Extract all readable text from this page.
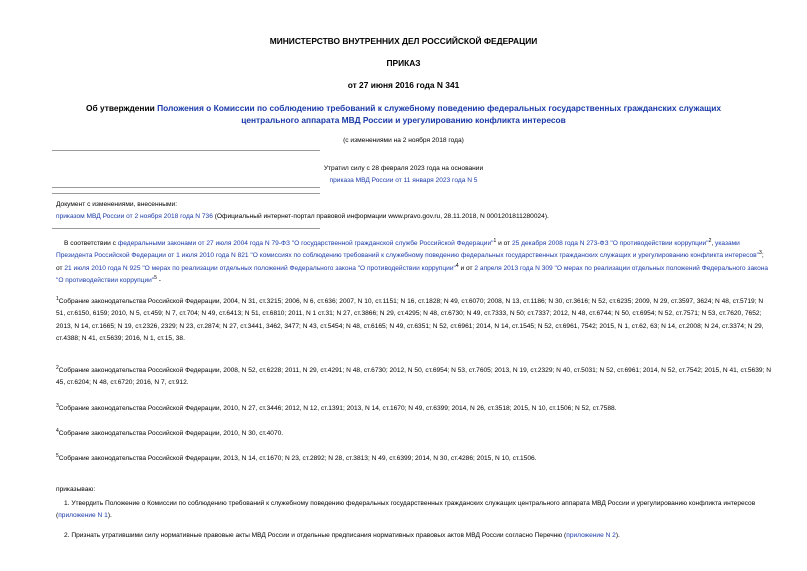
МИНИСТЕРСТВО ВНУТРЕННИХ ДЕЛ РОССИЙСКОЙ ФЕДЕРАЦИИ
ПРИКАЗ
от 27 июня 2016 года N 341
Об утверждении Положения о Комиссии по соблюдению требований к служебному поведению федеральных государственных гражданских служащих
центрального аппарата МВД России и урегулированию конфликта интересов
(с изменениями на 2 ноября 2018 года)
Утратил силу с 28 февраля 2023 года на основании
приказа МВД России от 11 января 2023 года N 5
Документ с изменениями, внесенными:
приказом МВД России от 2 ноября 2018 года N 736 (Официальный интернет-портал правовой информации www.pravo.gov.ru, 28.11.2018, N 0001201811280024).
В соответствии с федеральными законами от 27 июля 2004 года N 79-ФЗ "О государственной гражданской службе Российской Федерации"$^1$ и от 25 декабря 2008 года N 273-ФЗ "О противодействии коррупции"$^2$, указами Президента Российской Федерации от 1 июля 2010 года N 821 "О комиссиях по соблюдению требований к служебному поведению федеральных государственных гражданских служащих и урегулированию конфликта интересов"$^3$; от 21 июля 2010 года N 925 "О мерах по реализации отдельных положений Федерального закона "О противодействии коррупции"$^4$ и от 2 апреля 2013 года N 309 "О мерах по реализации отдельных положений Федерального закона "О противодействии коррупции"$^5$ -
$^1$Собрание законодательства Российской Федерации, 2004, N 31, ст.3215; 2006, N 6, ст.636; 2007, N 10, ст.1151; N 16, ст.1828; N 49, ст.6070; 2008, N 13, ст.1186; N 30, ст.3616; N 52, ст.6235; 2009, N 29, ст.3597, 3624; N 48, ст.5719; N 51, ст.6150, 6159; 2010, N 5, ст.459; N 7, ст.704; N 49, ст.6413; N 51, ст.6810; 2011, N 1 ст.31; N 27, ст.3866; N 29, ст.4295; N 48, ст.6730; N 49, ст.7333, N 50; ст.7337; 2012, N 48, ст.6744; N 50, ст.6954; N 52, ст.7571; N 53, ст.7620, 7652; 2013, N 14, ст.1665; N 19, ст.2326, 2329; N 23, ст.2874; N 27, ст.3441, 3462, 3477; N 43, ст.5454; N 48, ст.6165; N 49, ст.6351; N 52, ст.6961; 2014, N 14, ст.1545; N 52, ст.6961, 7542; 2015, N 1, ст.62, 63; N 14, ст.2008; N 24, ст.3374; N 29, ст.4388; N 41, ст.5639; 2016, N 1, ст.15, 38.
$^2$Собрание законодательства Российской Федерации, 2008, N 52, ст.6228; 2011, N 29, ст.4291; N 48, ст.6730; 2012, N 50, ст.6954; N 53, ст.7605; 2013, N 19, ст.2329; N 40, ст.5031; N 52, ст.6961; 2014, N 52, ст.7542; 2015, N 41, ст.5639; N 45, ст.6204; N 48, ст.6720; 2016, N 7, ст.912.
$^3$Собрание законодательства Российской Федерации, 2010, N 27, ст.3446; 2012, N 12, ст.1391; 2013, N 14, ст.1670; N 49, ст.6399; 2014, N 26, ст.3518; 2015, N 10, ст.1506; N 52, ст.7588.
$^4$Собрание законодательства Российской Федерации, 2010, N 30, ст.4070.
$^5$Собрание законодательства Российской Федерации, 2013, N 14, ст.1670; N 23, ст.2892; N 28, ст.3813; N 49, ст.6399; 2014, N 30, ст.4286; 2015, N 10, ст.1506.
приказываю:
1. Утвердить Положение о Комиссии по соблюдению требований к служебному поведению федеральных государственных гражданских служащих центрального аппарата МВД России и урегулированию конфликта интересов (приложение N 1).
2. Признать утратившими силу нормативные правовые акты МВД России и отдельные предписания нормативных правовых актов МВД России согласно Перечню (приложение N 2).
